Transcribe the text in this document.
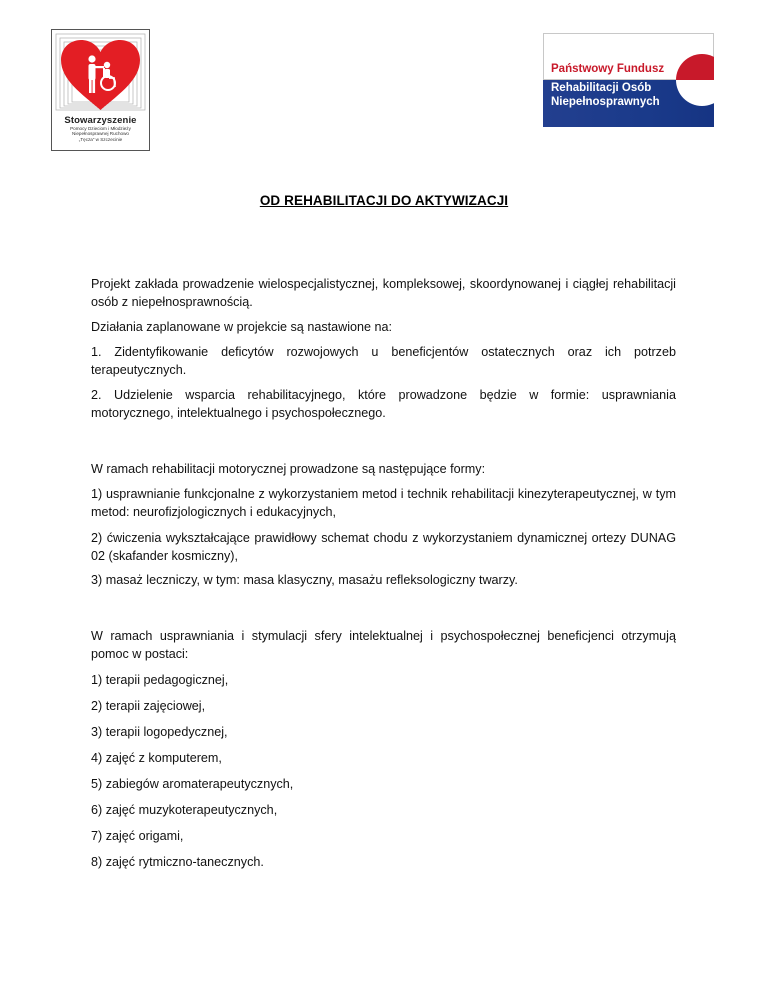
Stowarzyszenie
Pomocy Dzieciom i Młodzieży
Niepełnosprawnej Ruchowo
„Tęcza” w Szczecinie
Państwowy Fundusz
Rehabilitacji Osób
Niepełnosprawnych
OD REHABILITACJI DO AKTYWIZACJI
Projekt zakłada prowadzenie wielospecjalistycznej, kompleksowej, skoordynowanej i ciągłej rehabilitacji osób z niepełnosprawnością.
Działania zaplanowane w projekcie są nastawione na:
1. Zidentyfikowanie deficytów rozwojowych u beneficjentów ostatecznych oraz ich potrzeb terapeutycznych.
2. Udzielenie wsparcia rehabilitacyjnego, które prowadzone będzie w formie: usprawniania motorycznego, intelektualnego i psychospołecznego.
W ramach rehabilitacji motorycznej prowadzone są następujące formy:
1) usprawnianie funkcjonalne z wykorzystaniem metod i technik rehabilitacji kinezyterapeutycznej, w tym metod: neurofizjologicznych i edukacyjnych,
2) ćwiczenia wykształcające prawidłowy schemat chodu z wykorzystaniem dynamicznej ortezy DUNAG 02 (skafander kosmiczny),
3) masaż leczniczy, w tym: masa klasyczny, masażu refleksologiczny twarzy.
W ramach usprawniania i stymulacji sfery intelektualnej i psychospołecznej beneficjenci otrzymują pomoc w postaci:
1) terapii pedagogicznej,
2) terapii zajęciowej,
3) terapii logopedycznej,
4) zajęć z komputerem,
5) zabiegów aromaterapeutycznych,
6) zajęć muzykoterapeutycznych,
7) zajęć origami,
8) zajęć rytmiczno-tanecznych.
